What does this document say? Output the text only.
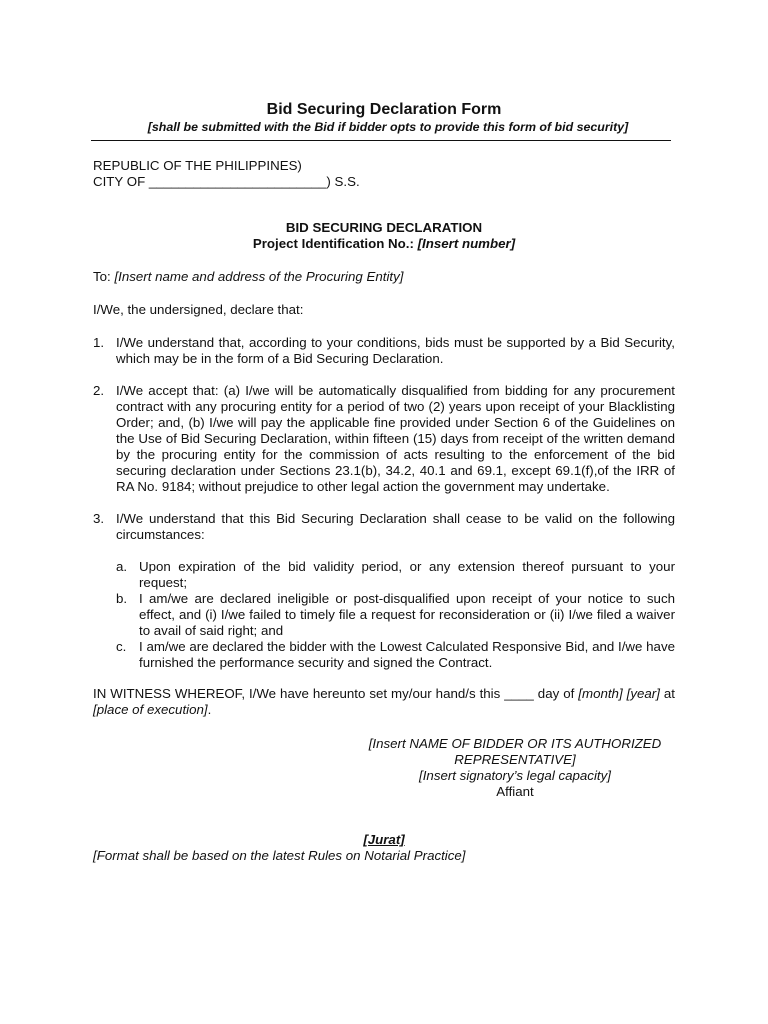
Bid Securing Declaration Form

[shall be submitted with the Bid if bidder opts to provide this form of bid security]

REPUBLIC OF THE PHILIPPINES)

CITY OF ________________________) S.S.

BID SECURING DECLARATION

Project Identification No.: [Insert number]

To: [Insert name and address of the Procuring Entity]

I/We, the undersigned, declare that:

1. I/We understand that, according to your conditions, bids must be supported by a Bid Security, which may be in the form of a Bid Securing Declaration.
2. I/We accept that: (a) I/we will be automatically disqualified from bidding for any procurement contract with any procuring entity for a period of two (2) years upon receipt of your Blacklisting Order; and, (b) I/we will pay the applicable fine provided under Section 6 of the Guidelines on the Use of Bid Securing Declaration, within fifteen (15) days from receipt of the written demand by the procuring entity for the commission of acts resulting to the enforcement of the bid securing declaration under Sections 23.1(b), 34.2, 40.1 and 69.1, except 69.1(f),of the IRR of RA No. 9184; without prejudice to other legal action the government may undertake.
3. I/We understand that this Bid Securing Declaration shall cease to be valid on the following circumstances:
a. Upon expiration of the bid validity period, or any extension thereof pursuant to your request;
b. I am/we are declared ineligible or post-disqualified upon receipt of your notice to such effect, and (i) I/we failed to timely file a request for reconsideration or (ii) I/we filed a waiver to avail of said right; and
c. I am/we are declared the bidder with the Lowest Calculated Responsive Bid, and I/we have furnished the performance security and signed the Contract.

IN WITNESS WHEREOF, I/We have hereunto set my/our hand/s this ____ day of [month] [year] at [place of execution].

[Insert NAME OF BIDDER OR ITS AUTHORIZED REPRESENTATIVE]

[Insert signatory’s legal capacity]

Affiant

[Jurat]

[Format shall be based on the latest Rules on Notarial Practice]
